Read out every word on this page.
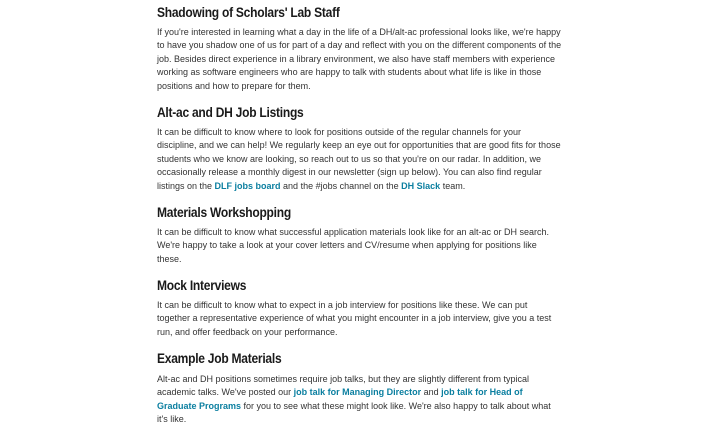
Shadowing of Scholars' Lab Staff

If you're interested in learning what a day in the life of a DH/alt-ac professional looks like, we're happy to have you shadow one of us for part of a day and reflect with you on the different components of the job. Besides direct experience in a library environment, we also have staff members with experience working as software engineers who are happy to talk with students about what life is like in those positions and how to prepare for them.

Alt-ac and DH Job Listings

It can be difficult to know where to look for positions outside of the regular channels for your discipline, and we can help! We regularly keep an eye out for opportunities that are good fits for those students who we know are looking, so reach out to us so that you're on our radar. In addition, we occasionally release a monthly digest in our newsletter (sign up below). You can also find regular listings on the DLF jobs board and the #jobs channel on the DH Slack team.

Materials Workshopping

It can be difficult to know what successful application materials look like for an alt-ac or DH search. We're happy to take a look at your cover letters and CV/resume when applying for positions like these.

Mock Interviews

It can be difficult to know what to expect in a job interview for positions like these. We can put together a representative experience of what you might encounter in a job interview, give you a test run, and offer feedback on your performance.

Example Job Materials

Alt-ac and DH positions sometimes require job talks, but they are slightly different from typical academic talks. We've posted our job talk for Managing Director and job talk for Head of Graduate Programs for you to see what these might look like. We're also happy to talk about what it's like.
